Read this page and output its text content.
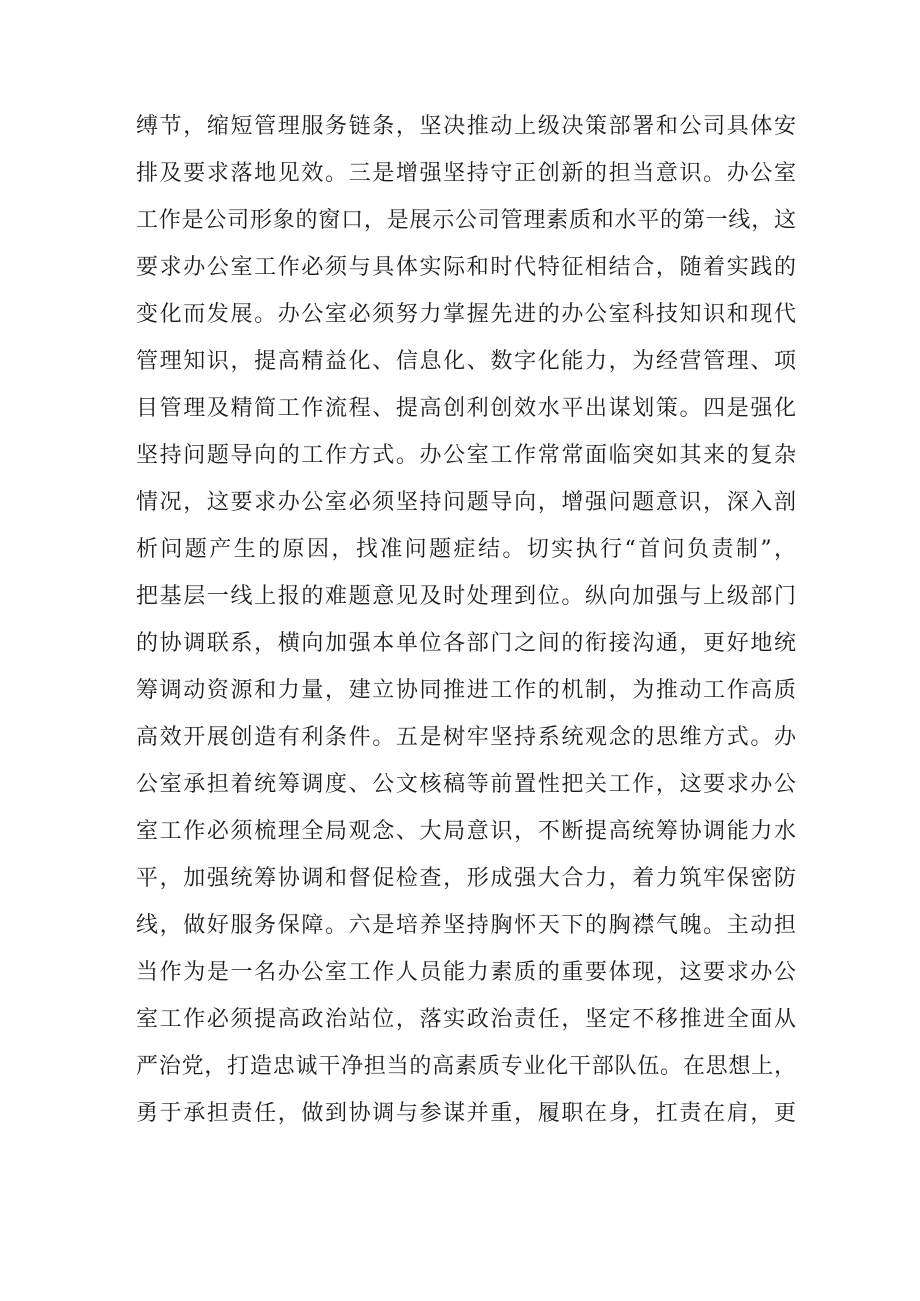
缚节，缩短管理服务链条，坚决推动上级决策部署和公司具体安
排及要求落地见效。三是增强坚持守正创新的担当意识。办公室
工作是公司形象的窗口，是展示公司管理素质和水平的第一线，这
要求办公室工作必须与具体实际和时代特征相结合，随着实践的
变化而发展。办公室必须努力掌握先进的办公室科技知识和现代
管理知识，提高精益化、信息化、数字化能力，为经营管理、项
目管理及精简工作流程、提高创利创效水平出谋划策。四是强化
坚持问题导向的工作方式。办公室工作常常面临突如其来的复杂
情况，这要求办公室必须坚持问题导向，增强问题意识，深入剖
析问题产生的原因，找准问题症结。切实执行“首问负责制”，
把基层一线上报的难题意见及时处理到位。纵向加强与上级部门
的协调联系，横向加强本单位各部门之间的衔接沟通，更好地统
筹调动资源和力量，建立协同推进工作的机制，为推动工作高质
高效开展创造有利条件。五是树牢坚持系统观念的思维方式。办
公室承担着统筹调度、公文核稿等前置性把关工作，这要求办公
室工作必须梳理全局观念、大局意识，不断提高统筹协调能力水
平，加强统筹协调和督促检查，形成强大合力，着力筑牢保密防
线，做好服务保障。六是培养坚持胸怀天下的胸襟气魄。主动担
当作为是一名办公室工作人员能力素质的重要体现，这要求办公
室工作必须提高政治站位，落实政治责任，坚定不移推进全面从
严治党，打造忠诚干净担当的高素质专业化干部队伍。在思想上，
勇于承担责任，做到协调与参谋并重，履职在身，扛责在肩，更
